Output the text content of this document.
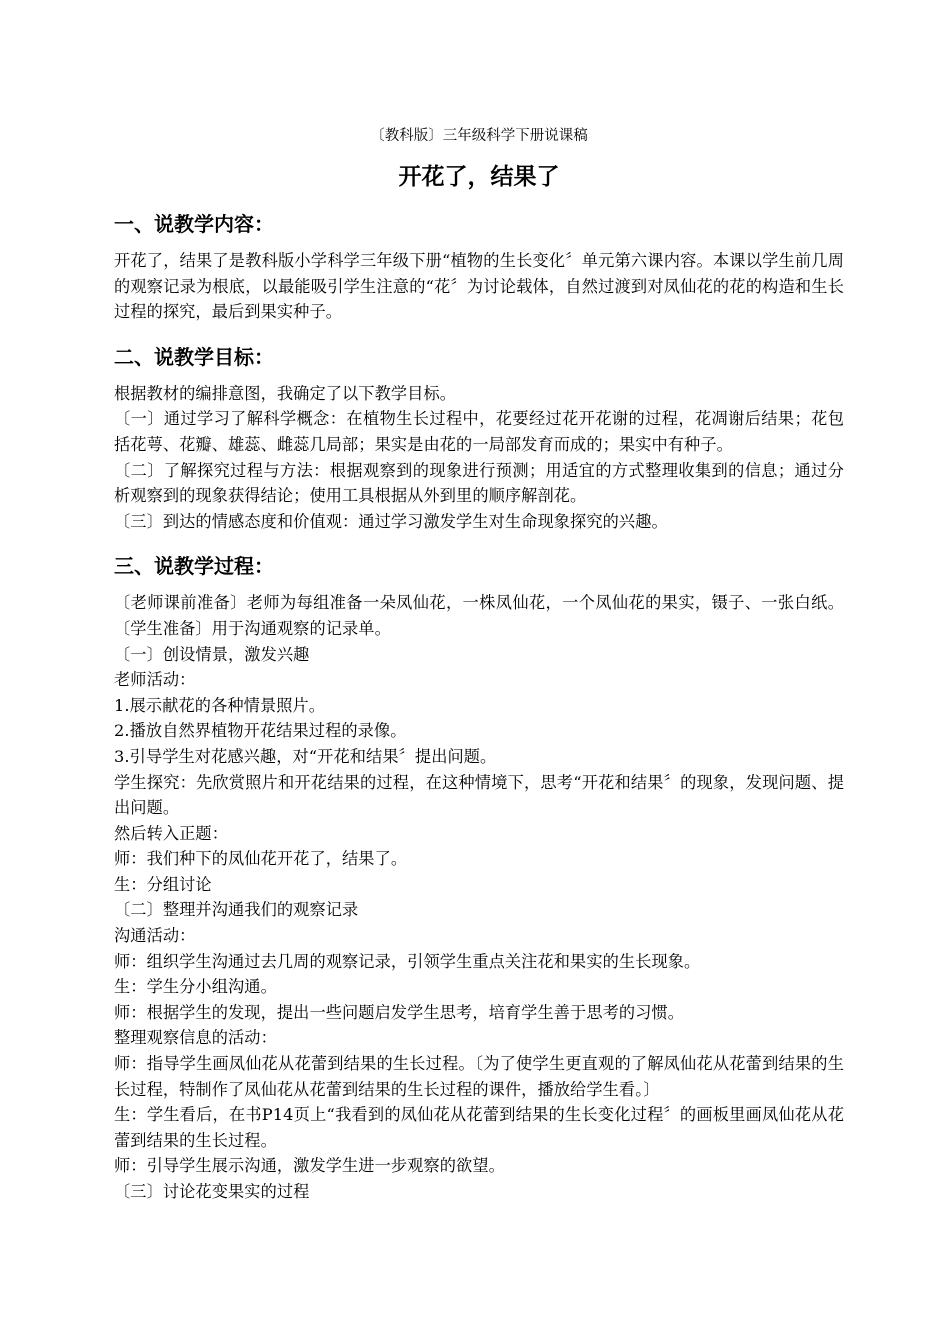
〔教科版〕三年级科学下册说课稿
开花了，结果了
一、说教学内容：

开花了，结果了是教科版小学科学三年级下册“植物的生长变化〞单元第六课内容。本课以学生前几周的观察记录为根底，以最能吸引学生注意的“花〞为讨论载体，自然过渡到对凤仙花的花的构造和生长过程的探究，最后到果实种子。

二、说教学目标：

根据教材的编排意图，我确定了以下教学目标。

〔一〕通过学习了解科学概念：在植物生长过程中，花要经过花开花谢的过程，花凋谢后结果；花包括花萼、花瓣、雄蕊、雌蕊几局部；果实是由花的一局部发育而成的；果实中有种子。

〔二〕了解探究过程与方法：根据观察到的现象进行预测；用适宜的方式整理收集到的信息；通过分析观察到的现象获得结论；使用工具根据从外到里的顺序解剖花。

〔三〕到达的情感态度和价值观：通过学习激发学生对生命现象探究的兴趣。

三、说教学过程：

〔老师课前准备〕老师为每组准备一朵凤仙花，一株凤仙花，一个凤仙花的果实，镊子、一张白纸。〔学生准备〕用于沟通观察的记录单。

〔一〕创设情景，激发兴趣

老师活动：

1.展示献花的各种情景照片。

2.播放自然界植物开花结果过程的录像。

3.引导学生对花感兴趣，对“开花和结果〞提出问题。

学生探究：先欣赏照片和开花结果的过程，在这种情境下，思考“开花和结果〞的现象，发现问题、提出问题。

然后转入正题：

师：我们种下的凤仙花开花了，结果了。

生：分组讨论

〔二〕整理并沟通我们的观察记录

沟通活动：

师：组织学生沟通过去几周的观察记录，引领学生重点关注花和果实的生长现象。

生：学生分小组沟通。

师：根据学生的发现，提出一些问题启发学生思考，培育学生善于思考的习惯。

整理观察信息的活动：

师：指导学生画凤仙花从花蕾到结果的生长过程。〔为了使学生更直观的了解凤仙花从花蕾到结果的生长过程，特制作了凤仙花从花蕾到结果的生长过程的课件，播放给学生看。〕

生：学生看后，在书P14页上“我看到的凤仙花从花蕾到结果的生长变化过程〞的画板里画凤仙花从花蕾到结果的生长过程。

师：引导学生展示沟通，激发学生进一步观察的欲望。

〔三〕讨论花变果实的过程
